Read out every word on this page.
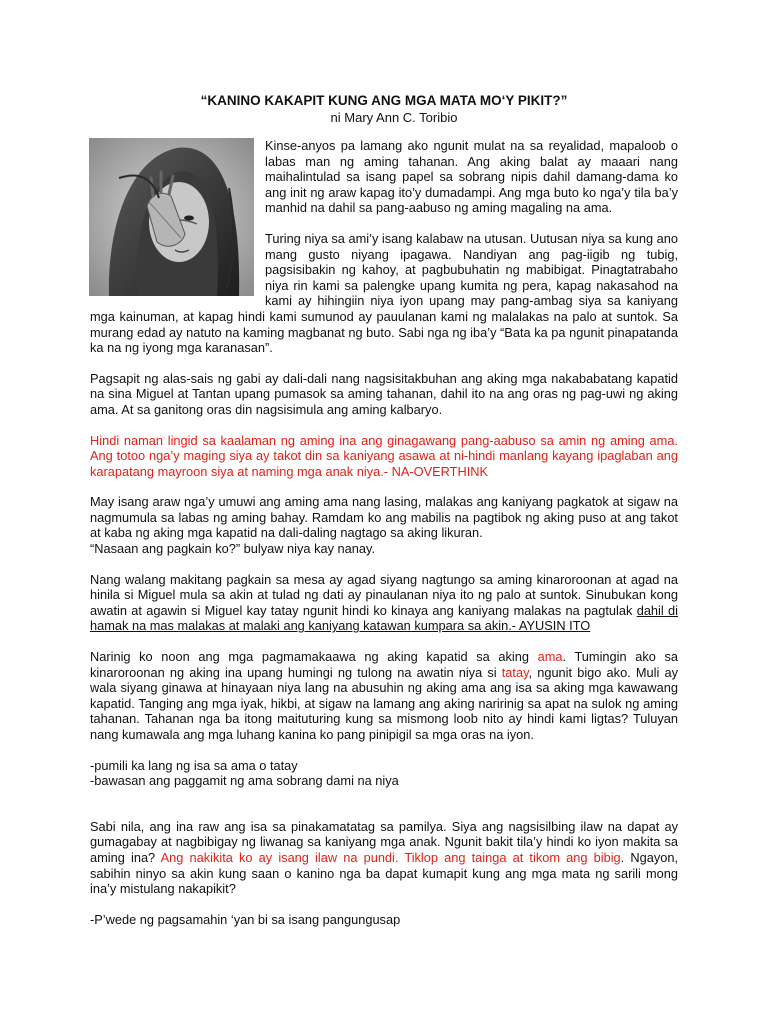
“KANINO KAKAPIT KUNG ANG MGA MATA MO‘Y PIKIT?”
ni Mary Ann C. Toribio

Kinse-anyos pa lamang ako ngunit mulat na sa reyalidad, mapaloob o labas man ng aming tahanan. Ang aking balat ay maaari nang maihalintulad sa isang papel sa sobrang nipis dahil damang-dama ko ang init ng araw kapag ito’y dumadampi. Ang mga buto ko nga’y tila ba’y manhid na dahil sa pang-aabuso ng aming magaling na ama.

Turing niya sa ami’y isang kalabaw na utusan. Uutusan niya sa kung ano mang gusto niyang ipagawa. Nandiyan ang pag-iigib ng tubig, pagsisibakin ng kahoy, at pagbubuhatin ng mabibigat. Pinagtatrabaho niya rin kami sa palengke upang kumita ng pera, kapag nakasahod na kami ay hihingiin niya iyon upang may pang-ambag siya sa kaniyang mga kainuman, at kapag hindi kami sumunod ay pauulanan kami ng malalakas na palo at suntok. Sa murang edad ay natuto na kaming magbanat ng buto. Sabi nga ng iba’y “Bata ka pa ngunit pinapatanda ka na ng iyong mga karanasan”.

Pagsapit ng alas-sais ng gabi ay dali-dali nang nagsisitakbuhan ang aking mga nakababatang kapatid na sina Miguel at Tantan upang pumasok sa aming tahanan, dahil ito na ang oras ng pag-uwi ng aking ama. At sa ganitong oras din nagsisimula ang aming kalbaryo.

Hindi naman lingid sa kaalaman ng aming ina ang ginagawang pang-aabuso sa amin ng aming ama. Ang totoo nga’y maging siya ay takot din sa kaniyang asawa at ni-hindi manlang kayang ipaglaban ang karapatang mayroon siya at naming mga anak niya.- NA-OVERTHINK

May isang araw nga’y umuwi ang aming ama nang lasing, malakas ang kaniyang pagkatok at sigaw na nagmumula sa labas ng aming bahay. Ramdam ko ang mabilis na pagtibok ng aking puso at ang takot at kaba ng aking mga kapatid na dali-daling nagtago sa aking likuran.
“Nasaan ang pagkain ko?” bulyaw niya kay nanay.

Nang walang makitang pagkain sa mesa ay agad siyang nagtungo sa aming kinaroroonan at agad na hinila si Miguel mula sa akin at tulad ng dati ay pinaulanan niya ito ng palo at suntok. Sinubukan kong awatin at agawin si Miguel kay tatay ngunit hindi ko kinaya ang kaniyang malakas na pagtulak dahil di hamak na mas malakas at malaki ang kaniyang katawan kumpara sa akin.- AYUSIN ITO

Narinig ko noon ang mga pagmamakaawa ng aking kapatid sa aking ama. Tumingin ako sa kinaroroonan ng aking ina upang humingi ng tulong na awatin niya si tatay, ngunit bigo ako. Muli ay wala siyang ginawa at hinayaan niya lang na abusuhin ng aking ama ang isa sa aking mga kawawang kapatid. Tanging ang mga iyak, hikbi, at sigaw na lamang ang aking naririnig sa apat na sulok ng aming tahanan. Tahanan nga ba itong maituturing kung sa mismong loob nito ay hindi kami ligtas? Tuluyan nang kumawala ang mga luhang kanina ko pang pinipigil sa mga oras na iyon.

-pumili ka lang ng isa sa ama o tatay
-bawasan ang paggamit ng ama sobrang dami na niya

Sabi nila, ang ina raw ang isa sa pinakamatatag sa pamilya. Siya ang nagsisilbing ilaw na dapat ay gumagabay at nagbibigay ng liwanag sa kaniyang mga anak. Ngunit bakit tila’y hindi ko iyon makita sa aming ina? Ang nakikita ko ay isang ilaw na pundi. Tiklop ang tainga at tikom ang bibig. Ngayon, sabihin ninyo sa akin kung saan o kanino nga ba dapat kumapit kung ang mga mata ng sarili mong ina’y mistulang nakapikit?

-P’wede ng pagsamahin ‘yan bi sa isang pangungusap
